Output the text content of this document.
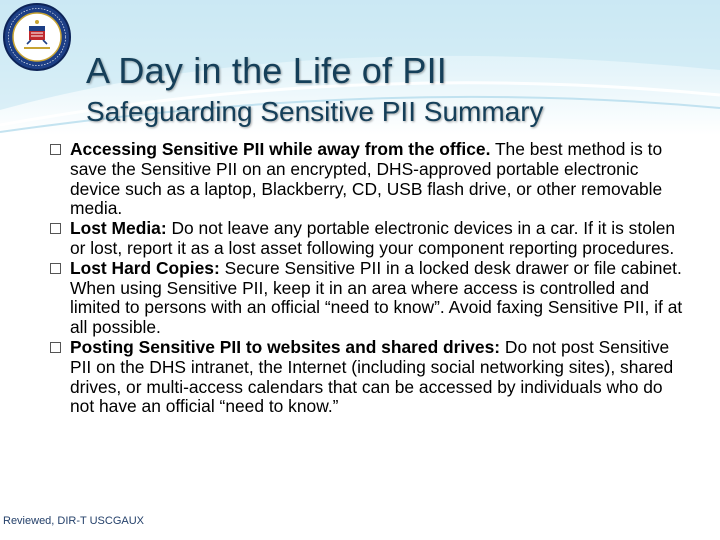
A Day in the Life of PII
Safeguarding Sensitive PII Summary
Accessing Sensitive PII while away from the office. The best method is to save the Sensitive PII on an encrypted, DHS-approved portable electronic device such as a laptop, Blackberry, CD, USB flash drive, or other removable media.
Lost Media: Do not leave any portable electronic devices in a car. If it is stolen or lost, report it as a lost asset following your component reporting procedures.
Lost Hard Copies: Secure Sensitive PII in a locked desk drawer or file cabinet. When using Sensitive PII, keep it in an area where access is controlled and limited to persons with an official “need to know”. Avoid faxing Sensitive PII, if at all possible.
Posting Sensitive PII to websites and shared drives: Do not post Sensitive PII on the DHS intranet, the Internet (including social networking sites), shared drives, or multi-access calendars that can be accessed by individuals who do not have an official “need to know.”
Reviewed, DIR-T USCGAUX
